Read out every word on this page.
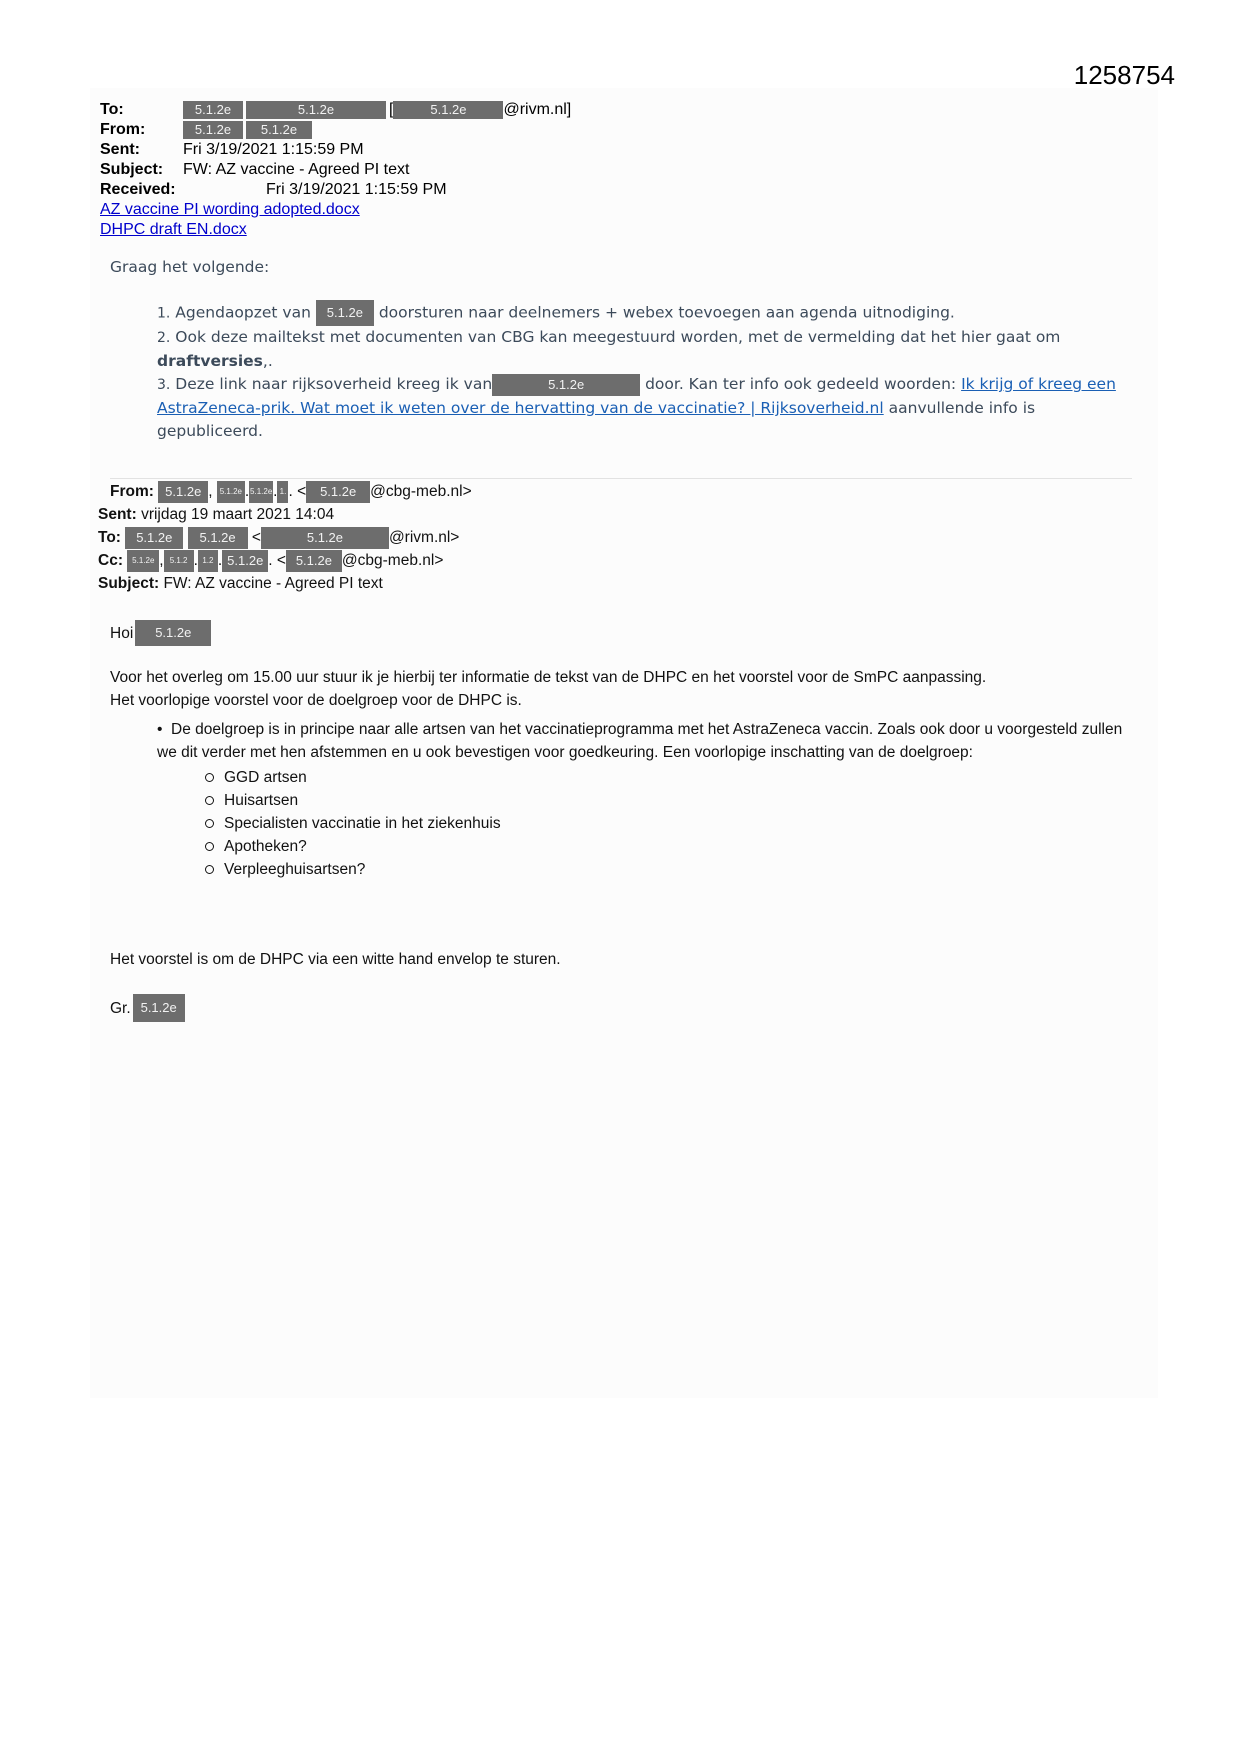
1258754
To:	5.1.2e	5.1.2e	[	5.1.2e	@rivm.nl]
From:	5.1.2e	5.1.2e
Sent:	Fri 3/19/2021 1:15:59 PM
Subject:	FW: AZ vaccine - Agreed PI text
Received:	Fri 3/19/2021 1:15:59 PM
AZ vaccine PI wording adopted.docx
DHPC draft EN.docx
Graag het volgende:
1. Agendaopzet van 5.1.2e doorsturen naar deelnemers + webex toevoegen aan agenda uitnodiging.
2. Ook deze mailtekst met documenten van CBG kan meegestuurd worden, met de vermelding dat het hier gaat om draftversies,.
3. Deze link naar rijksoverheid kreeg ik van	5.1.2e	door. Kan ter info ook gedeeld woorden: Ik krijg of kreeg een AstraZeneca-prik. Wat moet ik weten over de hervatting van de vaccinatie? | Rijksoverheid.nl aanvullende info is gepubliceerd.
From:
5.1.2e , 5.1.2e . 5.1.2e . 1. . <	5.1.2e @cbg-meb.nl>
Sent:
vrijdag 19 maart 2021 14:04
To:
	5.1.2e
	5.1.2e <	5.1.2e	@rivm.nl>
Cc:
	5.1.2e , 5.1.2 . 1.2 . 5.1.2e . < 5.1.2e @cbg-meb.nl>
Subject:
FW: AZ vaccine - Agreed PI text
Hoi	5.1.2e
Voor het overleg om 15.00 uur stuur ik je hierbij ter informatie de tekst van de DHPC en het voorstel voor de SmPC aanpassing.
Het voorlopige voorstel voor de doelgroep voor de DHPC is.
•  De doelgroep is in principe naar alle artsen van het vaccinatieprogramma met het AstraZeneca vaccin. Zoals ook door u voorgesteld zullen we dit verder met hen afstemmen en u ook bevestigen voor goedkeuring. Een voorlopige inschatting van de doelgroep:
GGD artsen
Huisartsen
Specialisten vaccinatie in het ziekenhuis
Apotheken?
Verpleeghuisartsen?
Het voorstel is om de DHPC via een witte hand envelop te sturen.
Gr. 5.1.2e
